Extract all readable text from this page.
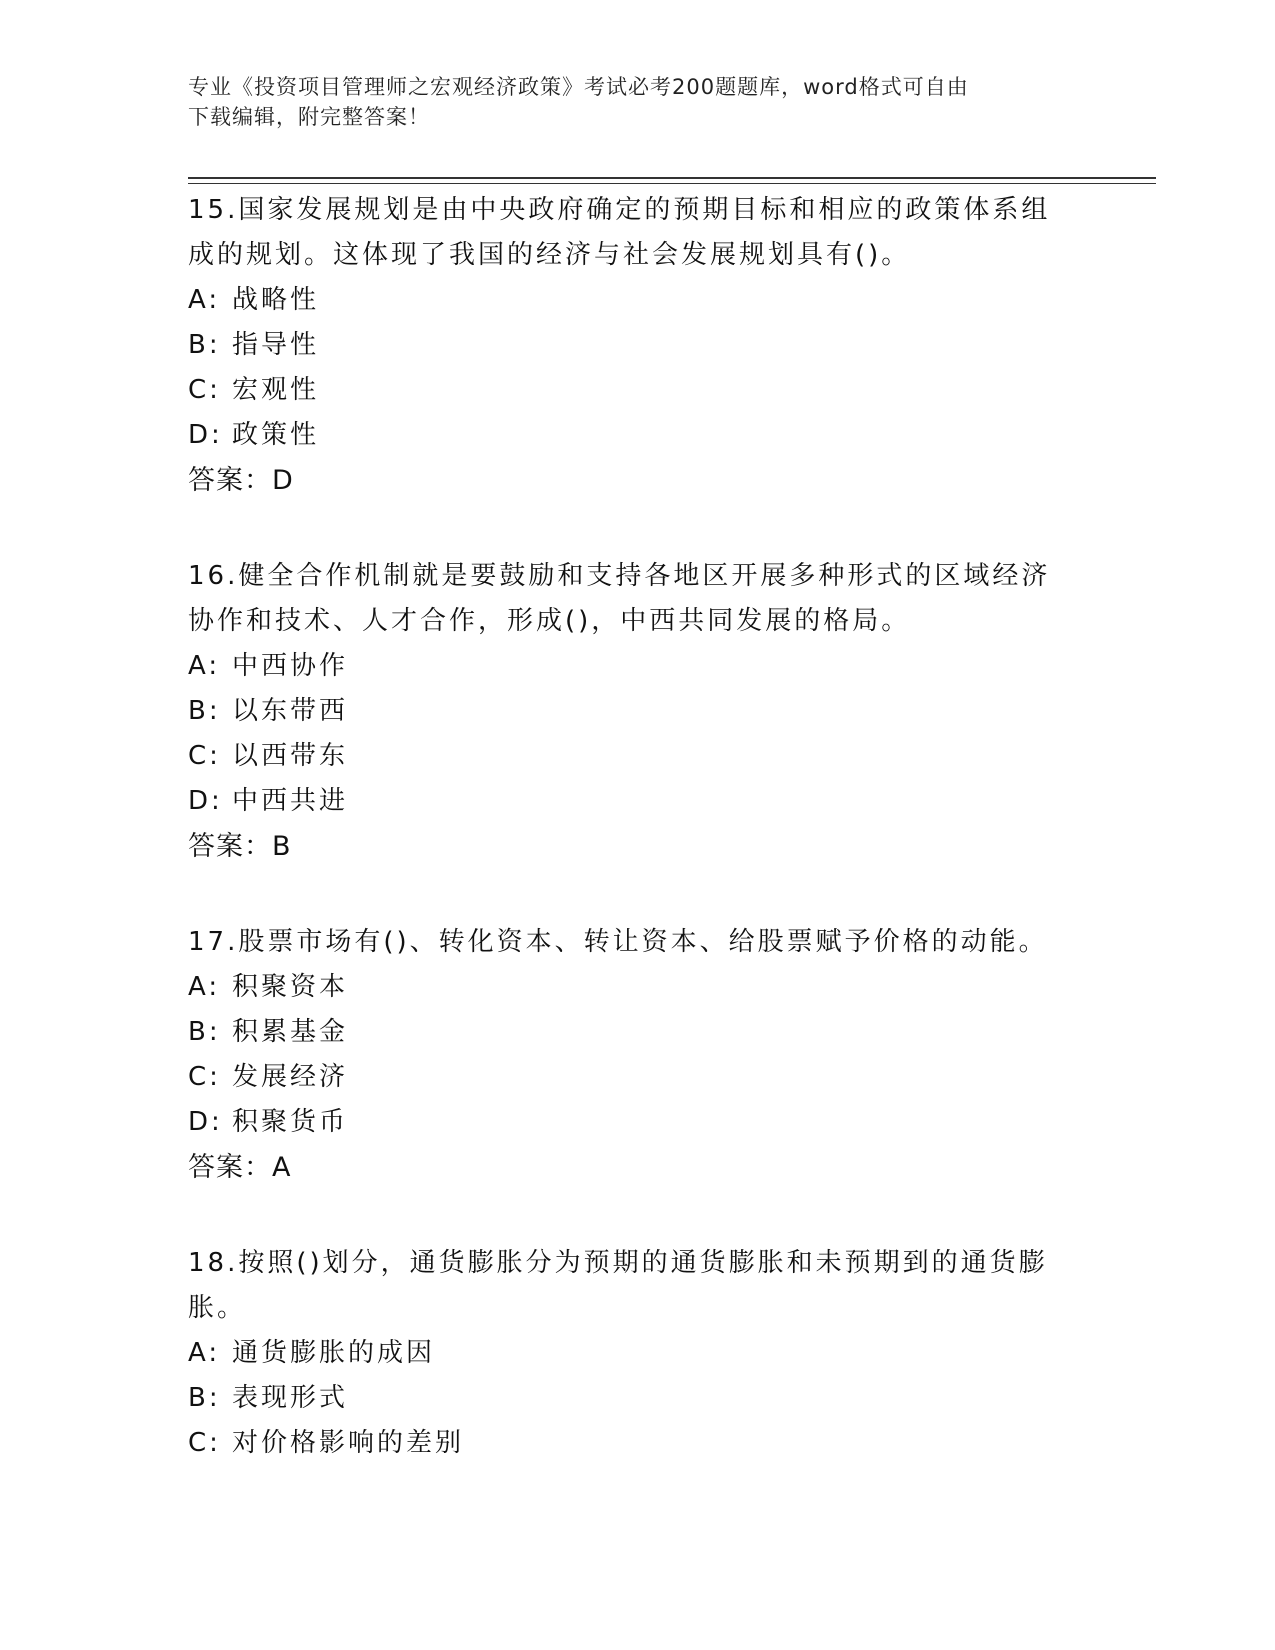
专业《投资项目管理师之宏观经济政策》考试必考200题题库，word格式可自由
下载编辑，附完整答案！
15.国家发展规划是由中央政府确定的预期目标和相应的政策体系组成的规划。这体现了我国的经济与社会发展规划具有()。
A: 战略性
B: 指导性
C: 宏观性
D: 政策性
答案：D
16.健全合作机制就是要鼓励和支持各地区开展多种形式的区域经济协作和技术、人才合作，形成()，中西共同发展的格局。
A: 中西协作
B: 以东带西
C: 以西带东
D: 中西共进
答案：B
17.股票市场有()、转化资本、转让资本、给股票赋予价格的动能。
A: 积聚资本
B: 积累基金
C: 发展经济
D: 积聚货币
答案：A
18.按照()划分，通货膨胀分为预期的通货膨胀和未预期到的通货膨胀。
A: 通货膨胀的成因
B: 表现形式
C: 对价格影响的差别
